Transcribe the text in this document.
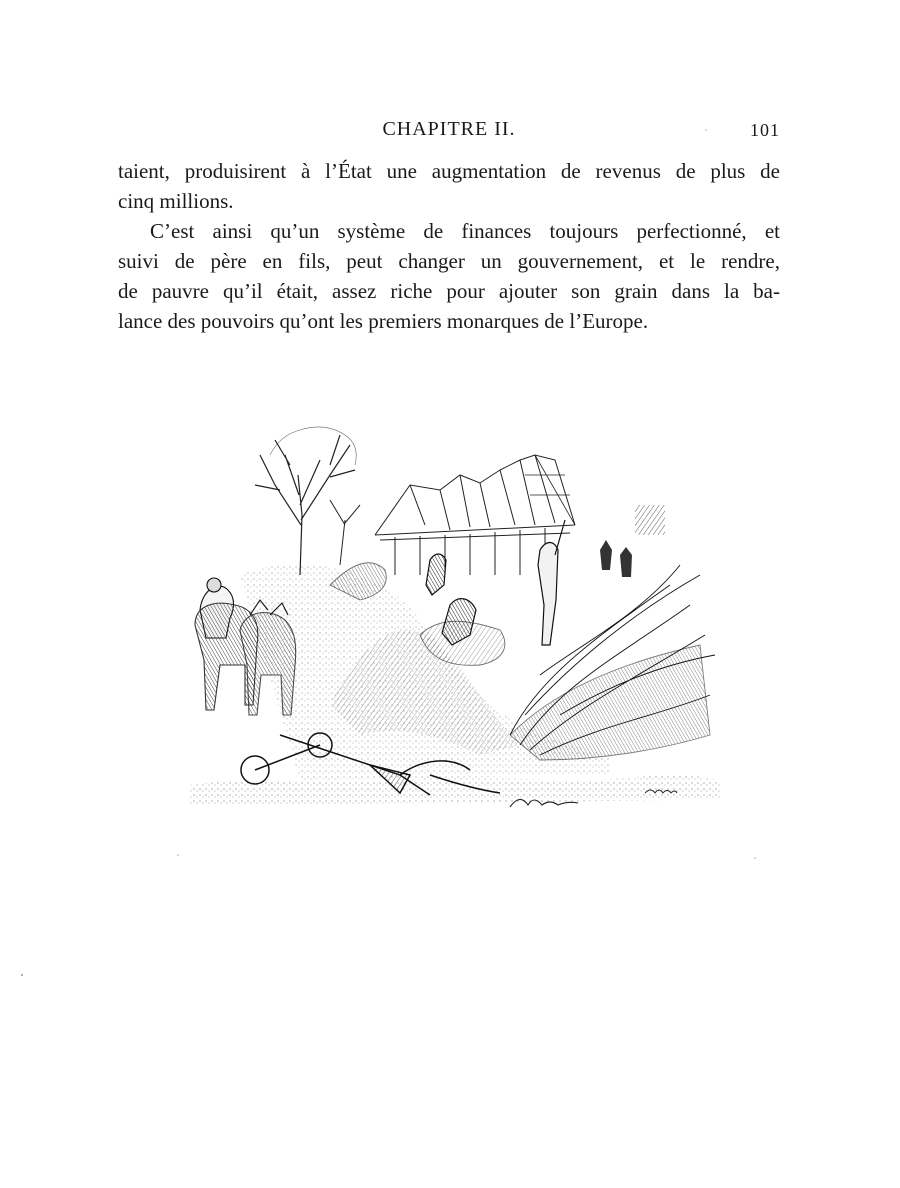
CHAPITRE II.	101
taient, produisirent à l’État une augmentation de revenus de plus de
cinq millions.
C’est ainsi qu’un système de finances toujours perfectionné, et
suivi de père en fils, peut changer un gouvernement, et le rendre,
de pauvre qu’il était, assez riche pour ajouter son grain dans la ba-
lance des pouvoirs qu’ont les premiers monarques de l’Europe.
